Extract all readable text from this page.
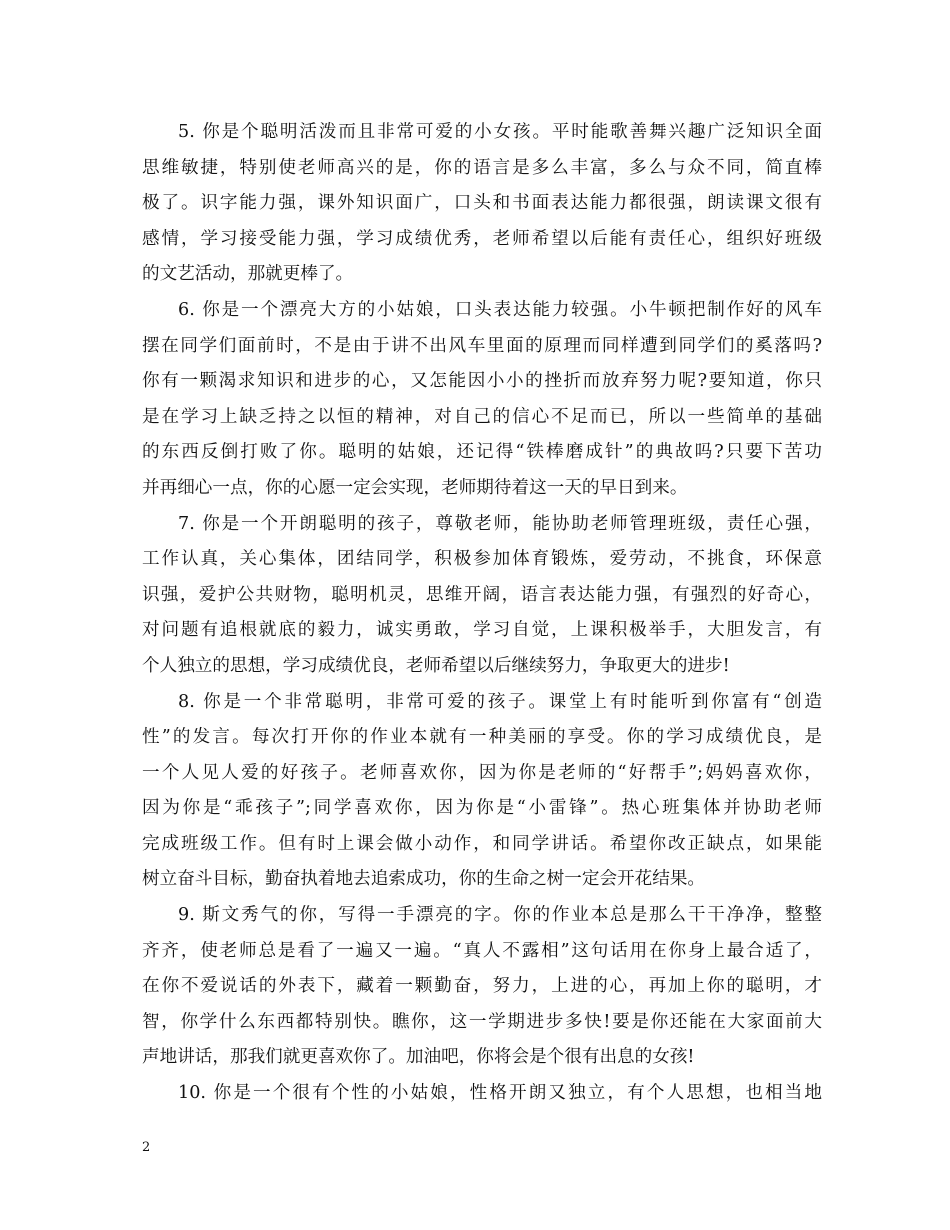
5. 你是个聪明活泼而且非常可爱的小女孩。平时能歌善舞兴趣广泛知识全面
思维敏捷，特别使老师高兴的是，你的语言是多么丰富，多么与众不同，简直棒
极了。识字能力强，课外知识面广，口头和书面表达能力都很强，朗读课文很有
感情，学习接受能力强，学习成绩优秀，老师希望以后能有责任心，组织好班级
的文艺活动，那就更棒了。
6. 你是一个漂亮大方的小姑娘，口头表达能力较强。小牛顿把制作好的风车
摆在同学们面前时，不是由于讲不出风车里面的原理而同样遭到同学们的奚落吗?
你有一颗渴求知识和进步的心，又怎能因小小的挫折而放弃努力呢?要知道，你只
是在学习上缺乏持之以恒的精神，对自己的信心不足而已，所以一些简单的基础
的东西反倒打败了你。聪明的姑娘，还记得“铁棒磨成针”的典故吗?只要下苦功
并再细心一点，你的心愿一定会实现，老师期待着这一天的早日到来。
7. 你是一个开朗聪明的孩子，尊敬老师，能协助老师管理班级，责任心强，
工作认真，关心集体，团结同学，积极参加体育锻炼，爱劳动，不挑食，环保意
识强，爱护公共财物，聪明机灵，思维开阔，语言表达能力强，有强烈的好奇心，
对问题有追根就底的毅力，诚实勇敢，学习自觉，上课积极举手，大胆发言，有
个人独立的思想，学习成绩优良，老师希望以后继续努力，争取更大的进步!
8. 你是一个非常聪明，非常可爱的孩子。课堂上有时能听到你富有“创造
性”的发言。每次打开你的作业本就有一种美丽的享受。你的学习成绩优良，是
一个人见人爱的好孩子。老师喜欢你，因为你是老师的“好帮手”;妈妈喜欢你，
因为你是“乖孩子”;同学喜欢你，因为你是“小雷锋”。热心班集体并协助老师
完成班级工作。但有时上课会做小动作，和同学讲话。希望你改正缺点，如果能
树立奋斗目标，勤奋执着地去追索成功，你的生命之树一定会开花结果。
9. 斯文秀气的你，写得一手漂亮的字。你的作业本总是那么干干净净，整整
齐齐，使老师总是看了一遍又一遍。“真人不露相”这句话用在你身上最合适了，
在你不爱说话的外表下，藏着一颗勤奋，努力，上进的心，再加上你的聪明，才
智，你学什么东西都特别快。瞧你，这一学期进步多快!要是你还能在大家面前大
声地讲话，那我们就更喜欢你了。加油吧，你将会是个很有出息的女孩!
10. 你是一个很有个性的小姑娘，性格开朗又独立，有个人思想，也相当地
2
